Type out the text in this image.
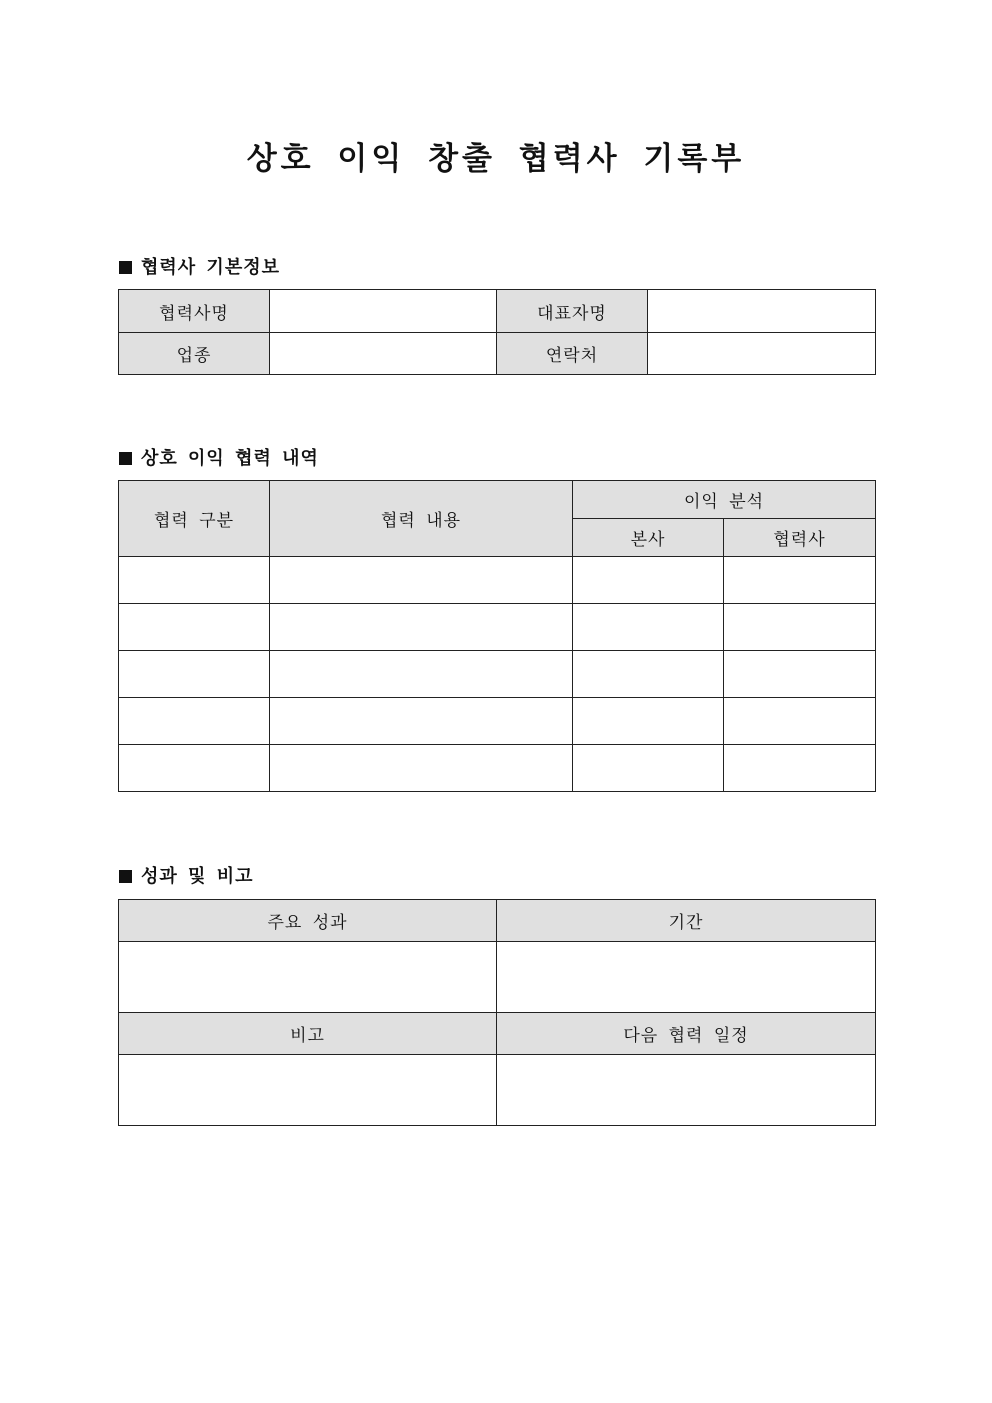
상호 이익 창출 협력사 기록부
협력사 기본정보
협력사명		대표자명	
업종		연락처	
상호 이익 협력 내역
협력 구분	협력 내용	이익 분석	
		본사	협력사

성과 및 비고
주요 성과	기간

비고	다음 협력 일정
